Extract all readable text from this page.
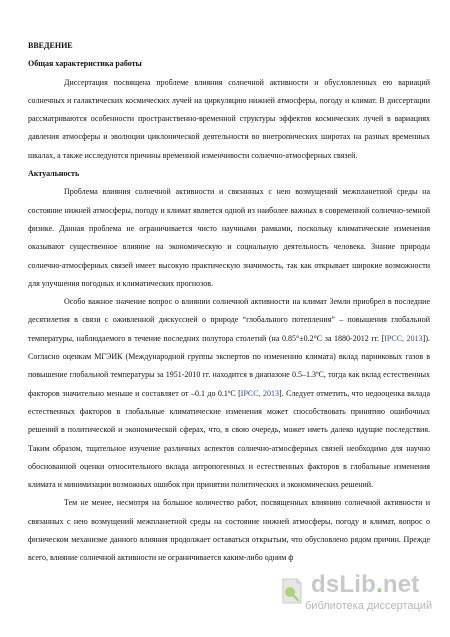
ВВЕДЕНИЕ

Общая характеристика работы

Диссертация посвящена проблеме влияния солнечной активности и обусловленных ею вариаций солнечных и галактических космических лучей на циркуляцию нижней атмосферы, погоду и климат. В диссертации рассматриваются особенности пространственно-временной структуры эффектов космических лучей в вариациях давления атмосферы и эволюции циклонической деятельности во внетропических широтах на разных временных шкалах, а также исследуются причины временной изменчивости солнечно-атмосферных связей.

Актуальность

Проблема влияния солнечной активности и связанных с нею возмущений межпланетной среды на состояние нижней атмосферы, погоду и климат является одной из наиболее важных в современной солнечно-земной физике. Данная проблема не ограничивается чисто научными рамками, поскольку климатические изменения оказывают существенное влияние на экономическую и социальную деятельность человека. Знание природы солнечно-атмосферных связей имеет высокую практическую значимость, так как открывает широкие возможности для улучшения погодных и климатических прогнозов.

Особо важное значение вопрос о влиянии солнечной активности на климат Земли приобрел в последние десятилетия в связи с оживленной дискуссией о природе “глобального потепления” – повышения глобальной температуры, наблюдаемого в течение последних полутора столетий (на 0.85°±0.2°С за 1880-2012 гг. [IPCC, 2013]). Согласно оценкам МГЭИК (Международной группы экспертов по изменению климата) вклад парниковых газов в повышение глобальной температуры за 1951-2010 гг. находится в диапазоне 0.5–1.3ºС, тогда как вклад естественных факторов значительно меньше и составляет от –0.1 до 0.1ºС [IPCC, 2013]. Следует отметить, что недооценка вклада естественных факторов в глобальные климатические изменения может способствовать принятию ошибочных решений в политической и экономической сферах, что, в свою очередь, может иметь далеко идущие последствия. Таким образом, тщательное изучение различных аспектов солнечно-атмосферных связей необходимо для научно обоснованной оценки относительного вклада антропогенных и естественных факторов в глобальные изменения климата и минимизации возможных ошибок при принятии политических и экономических решений.

Тем не менее, несмотря на большое количество работ, посвященных влиянию солнечной активности и связанных с нею возмущений межпланетной среды на состояние нижней атмосферы, погоду и климат, вопрос о физическом механизме данного влияния продолжает оставаться открытым, что обусловлено рядом причин. Прежде всего, влияние солнечной активности не ограничивается каким-либо одним ф

dsLib.net
библиотека диссертаций
